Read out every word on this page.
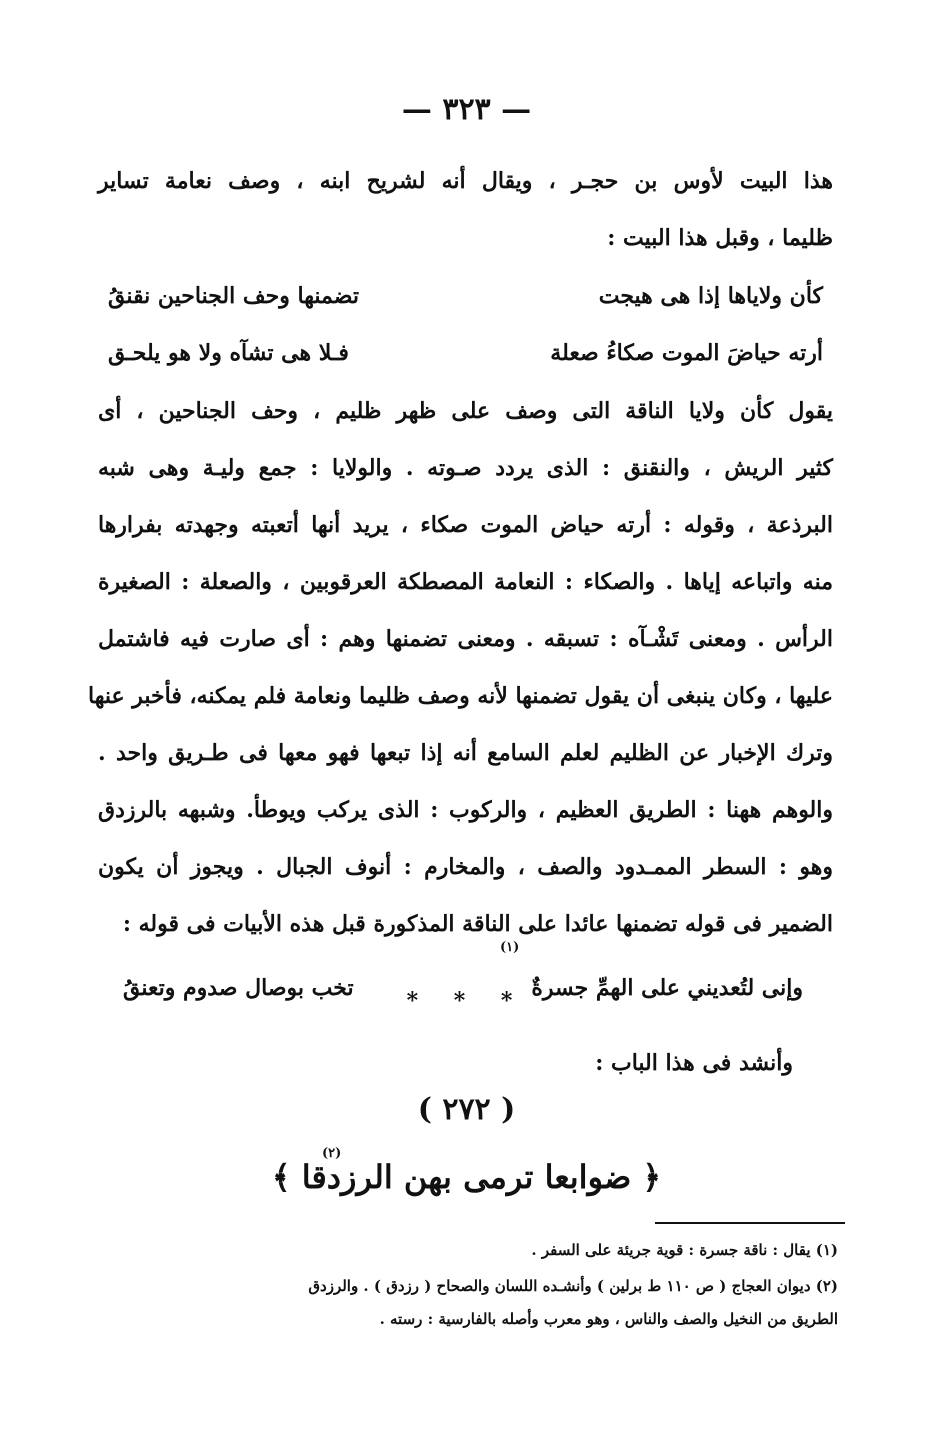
— ٣٢٣ —
هذا البيت لأوس بن حجـر ، ويقال أنه لشريح ابنه ، وصف نعامة تساير
ظليما ، وقبل هذا البيت :
كأن ولاياها إذا هى هيجت
تضمنها وحف الجناحين نقنقُ
أرته حياضَ الموت صكاءُ صعلة
فـلا هى تشآه ولا هو يلحـق
يقول كأن ولايا الناقة التى وصف على ظهر ظليم ، وحف الجناحين ، أى
كثير الريش ، والنقنق : الذى يردد صـوته . والولايا : جمع وليـة وهى شبه
البرذعة ، وقوله : أرته حياض الموت صكاء ، يريد أنها أتعبته وجهدته بفرارها
منه واتباعه إياها . والصكاء : النعامة المصطكة العرقوبين ، والصعلة : الصغيرة
الرأس . ومعنى تَشْـآه : تسبقه . ومعنى تضمنها وهم : أى صارت فيه فاشتمل
عليها ، وكان ينبغى أن يقول تضمنها لأنه وصف ظليما ونعامة فلم يمكنه، فأخبر عنها
وترك الإخبار عن الظليم لعلم السامع أنه إذا تبعها فهو معها فى طـريق واحد .
والوهم ههنا : الطريق العظيم ، والركوب : الذى يركب ويوطأ. وشبهه بالرزدق
وهو : السطر الممـدود والصف ، والمخارم : أنوف الجبال . ويجوز أن يكون
الضمير فى قوله تضمنها عائدا على الناقة المذكورة قبل هذه الأبيات فى قوله :
(١)
وإنى لتُعديني على الهمِّ جسرةٌ
تخب بوصال صدوم وتعنقُ	* * *
وأنشد فى هذا الباب :
( ٢٧٢ )
(٢)
﴿ ضوابعا ترمى بهن الرزدقا ﴾
(١) يقال : ناقة جسرة : قوية جريئة على السفر .
(٢) ديوان العجاج ( ص ١١٠ ط برلين ) وأنشـده اللسان والصحاح ( رزدق ) . والرزدق
الطريق من النخيل والصف والناس ، وهو معرب وأصله بالفارسية : رسته .
